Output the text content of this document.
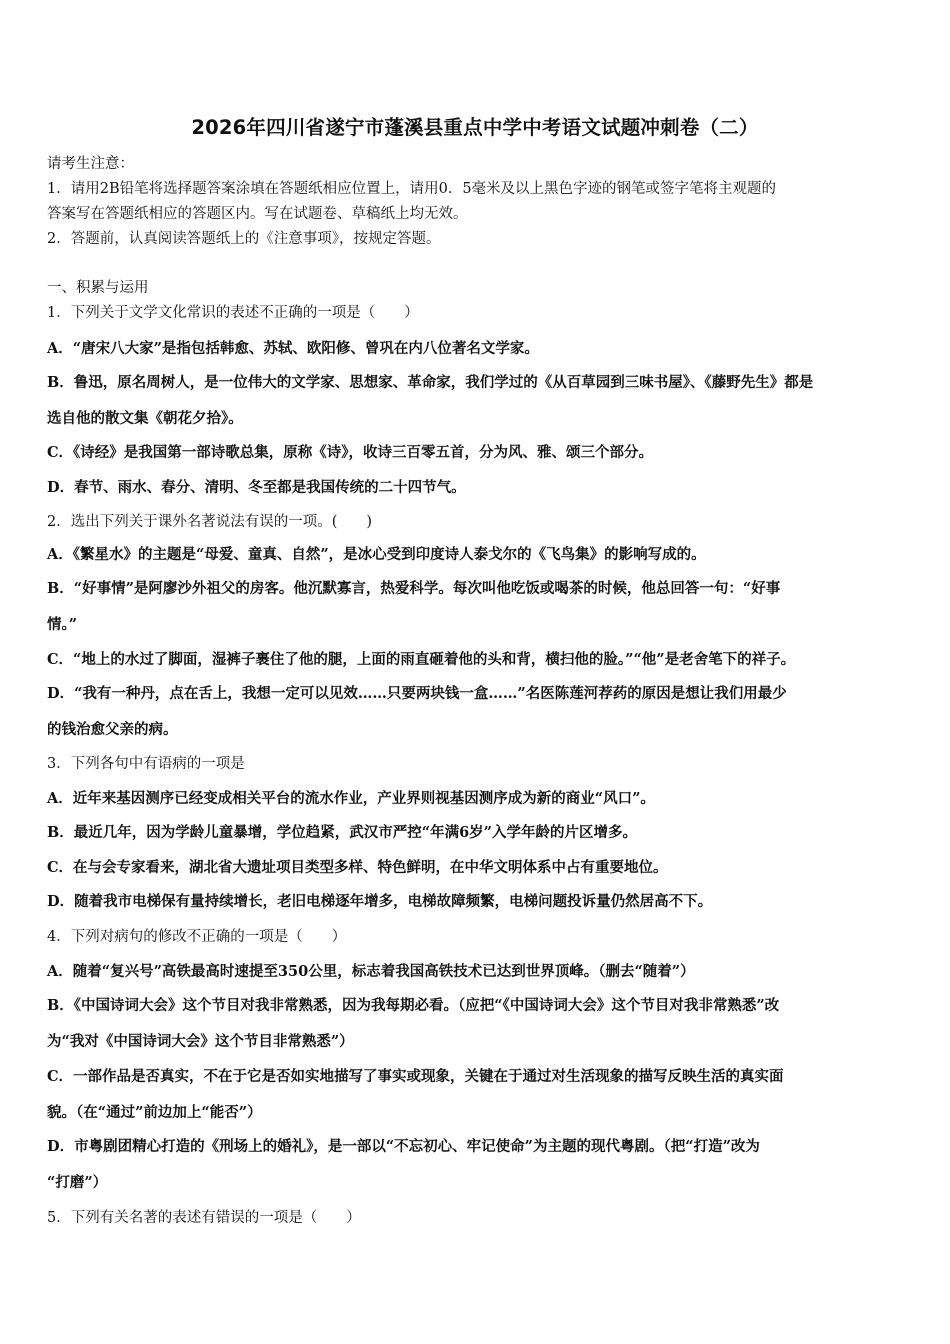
2026年四川省遂宁市蓬溪县重点中学中考语文试题冲刺卷（二）
请考生注意：
1．请用2B铅笔将选择题答案涂填在答题纸相应位置上，请用0．5毫米及以上黑色字迹的钢笔或签字笔将主观题的
答案写在答题纸相应的答题区内。写在试题卷、草稿纸上均无效。
2．答题前，认真阅读答题纸上的《注意事项》，按规定答题。
一、积累与运用
1．下列关于文学文化常识的表述不正确的一项是（　　）
A．“唐宋八大家”是指包括韩愈、苏轼、欧阳修、曾巩在内八位著名文学家。
B．鲁迅，原名周树人，是一位伟大的文学家、思想家、革命家，我们学过的《从百草园到三味书屋》、《藤野先生》都是
选自他的散文集《朝花夕拾》。
C．《诗经》是我国第一部诗歌总集，原称《诗》，收诗三百零五首，分为风、雅、颂三个部分。
D．春节、雨水、春分、清明、冬至都是我国传统的二十四节气。
2．选出下列关于课外名著说法有误的一项。(　　)
A．《繁星水》的主题是“母爱、童真、自然”，是冰心受到印度诗人泰戈尔的《飞鸟集》的影响写成的。
B．“好事情”是阿廖沙外祖父的房客。他沉默寡言，热爱科学。每次叫他吃饭或喝茶的时候，他总回答一句：“好事
情。”
C．“地上的水过了脚面，湿裤子裹住了他的腿，上面的雨直砸着他的头和背，横扫他的脸。”“他”是老舍笔下的祥子。
D．“我有一种丹，点在舌上，我想一定可以见效……只要两块钱一盒……”名医陈莲河荐药的原因是想让我们用最少
的钱治愈父亲的病。
3．下列各句中有语病的一项是
A．近年来基因测序已经变成相关平台的流水作业，产业界则视基因测序成为新的商业“风口”。
B．最近几年，因为学龄儿童暴增，学位趋紧，武汉市严控“年满6岁”入学年龄的片区增多。
C．在与会专家看来，湖北省大遗址项目类型多样、特色鲜明，在中华文明体系中占有重要地位。
D．随着我市电梯保有量持续增长，老旧电梯逐年增多，电梯故障频繁，电梯问题投诉量仍然居高不下。
4．下列对病句的修改不正确的一项是（　　）
A．随着“复兴号”高铁最高时速提至350公里，标志着我国高铁技术已达到世界顶峰。（删去“随着”）
B．《中国诗词大会》这个节目对我非常熟悉，因为我每期必看。（应把“《中国诗词大会》这个节目对我非常熟悉”改
为“我对《中国诗词大会》这个节目非常熟悉”）
C．一部作品是否真实，不在于它是否如实地描写了事实或现象，关键在于通过对生活现象的描写反映生活的真实面
貌。（在“通过”前边加上“能否”）
D．市粤剧团精心打造的《刑场上的婚礼》，是一部以“不忘初心、牢记使命”为主题的现代粤剧。（把“打造”改为
“打磨”）
5．下列有关名著的表述有错误的一项是（　　）
